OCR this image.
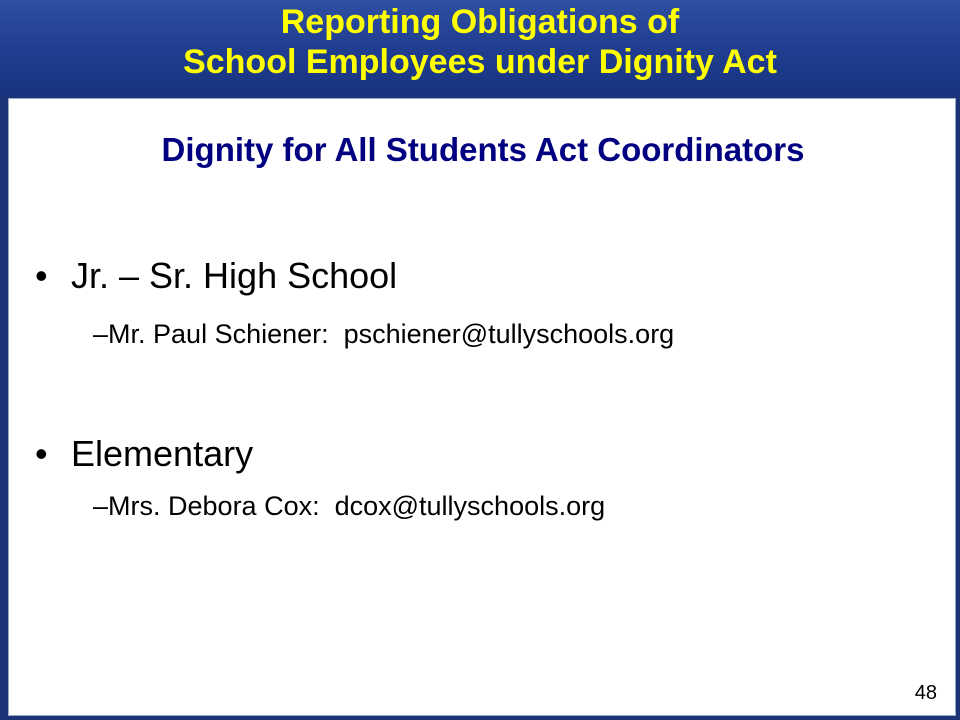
Reporting Obligations of
School Employees under Dignity Act
Dignity for All Students Act Coordinators
• Jr. – Sr. High School
–Mr. Paul Schiener:  pschiener@tullyschools.org
• Elementary
–Mrs. Debora Cox:  dcox@tullyschools.org
48
